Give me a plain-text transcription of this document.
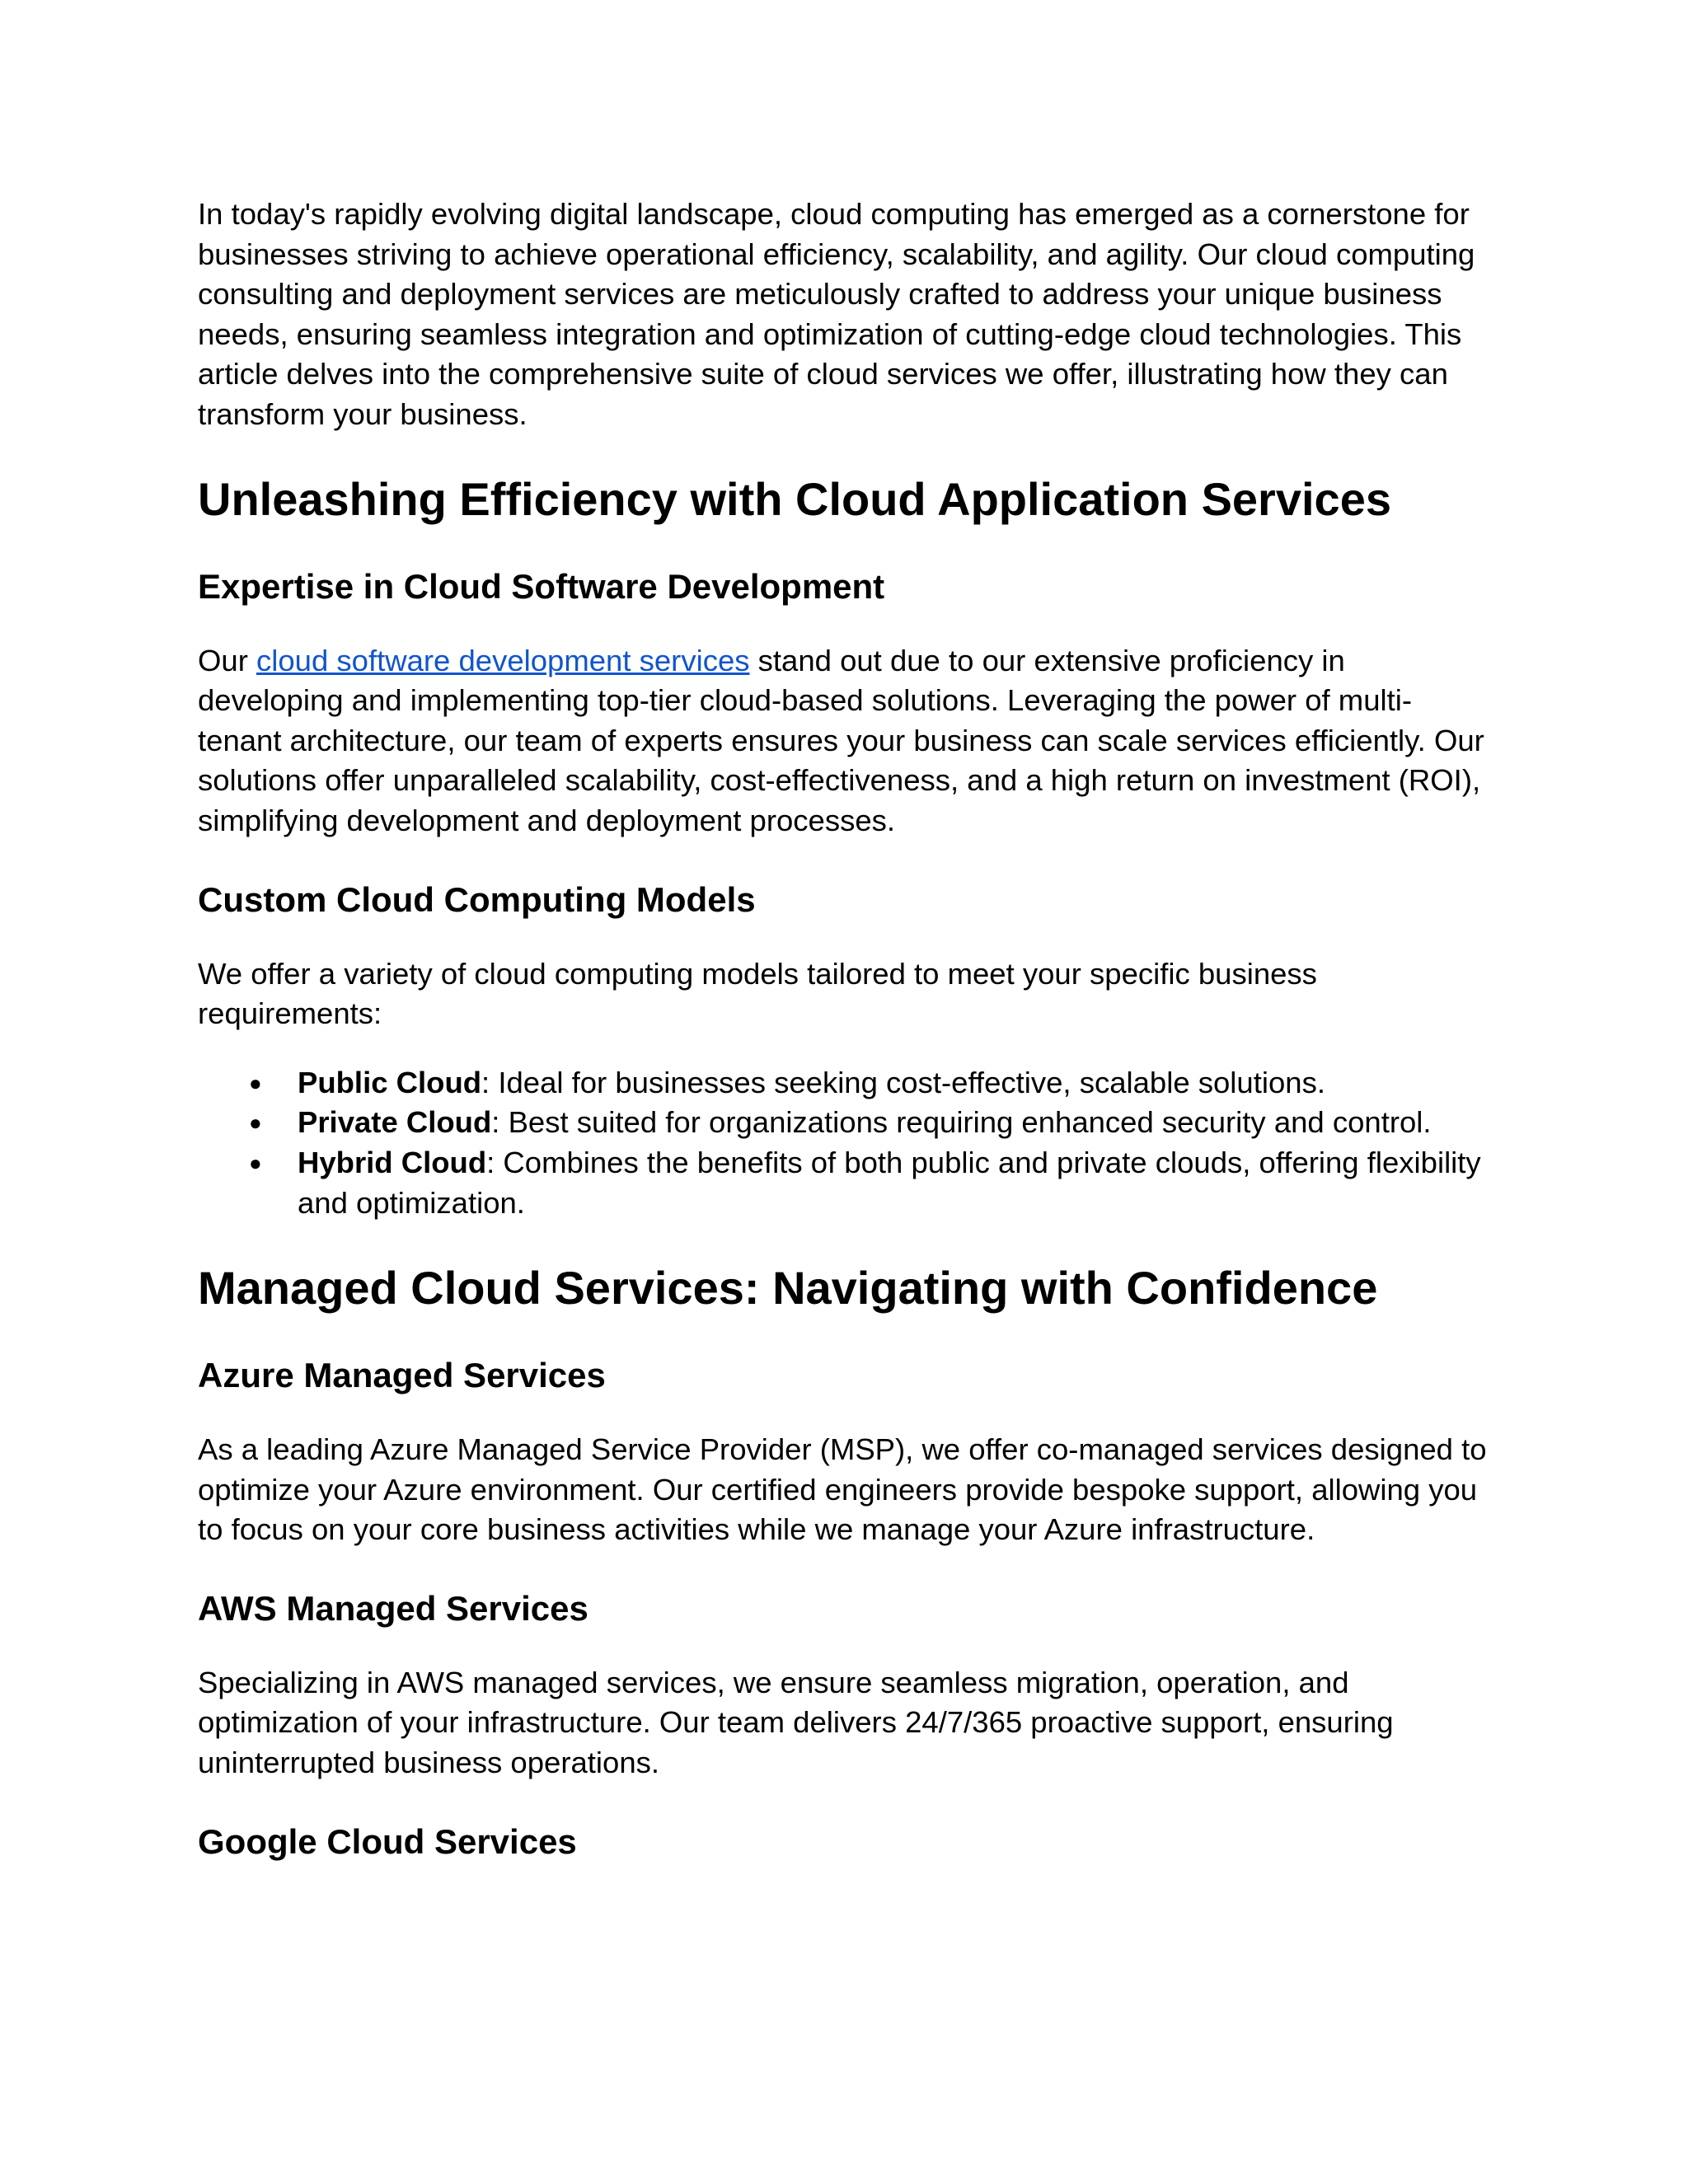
In today's rapidly evolving digital landscape, cloud computing has emerged as a cornerstone for businesses striving to achieve operational efficiency, scalability, and agility. Our cloud computing consulting and deployment services are meticulously crafted to address your unique business needs, ensuring seamless integration and optimization of cutting-edge cloud technologies. This article delves into the comprehensive suite of cloud services we offer, illustrating how they can transform your business.

Unleashing Efficiency with Cloud Application Services
Expertise in Cloud Software Development

Our cloud software development services stand out due to our extensive proficiency in developing and implementing top-tier cloud-based solutions. Leveraging the power of multi-tenant architecture, our team of experts ensures your business can scale services efficiently. Our solutions offer unparalleled scalability, cost-effectiveness, and a high return on investment (ROI), simplifying development and deployment processes.

Custom Cloud Computing Models

We offer a variety of cloud computing models tailored to meet your specific business requirements:

● Public Cloud: Ideal for businesses seeking cost-effective, scalable solutions.
● Private Cloud: Best suited for organizations requiring enhanced security and control.
● Hybrid Cloud: Combines the benefits of both public and private clouds, offering flexibility and optimization.
Managed Cloud Services: Navigating with Confidence
Azure Managed Services

As a leading Azure Managed Service Provider (MSP), we offer co-managed services designed to optimize your Azure environment. Our certified engineers provide bespoke support, allowing you to focus on your core business activities while we manage your Azure infrastructure.

AWS Managed Services

Specializing in AWS managed services, we ensure seamless migration, operation, and optimization of your infrastructure. Our team delivers 24/7/365 proactive support, ensuring uninterrupted business operations.

Google Cloud Services
